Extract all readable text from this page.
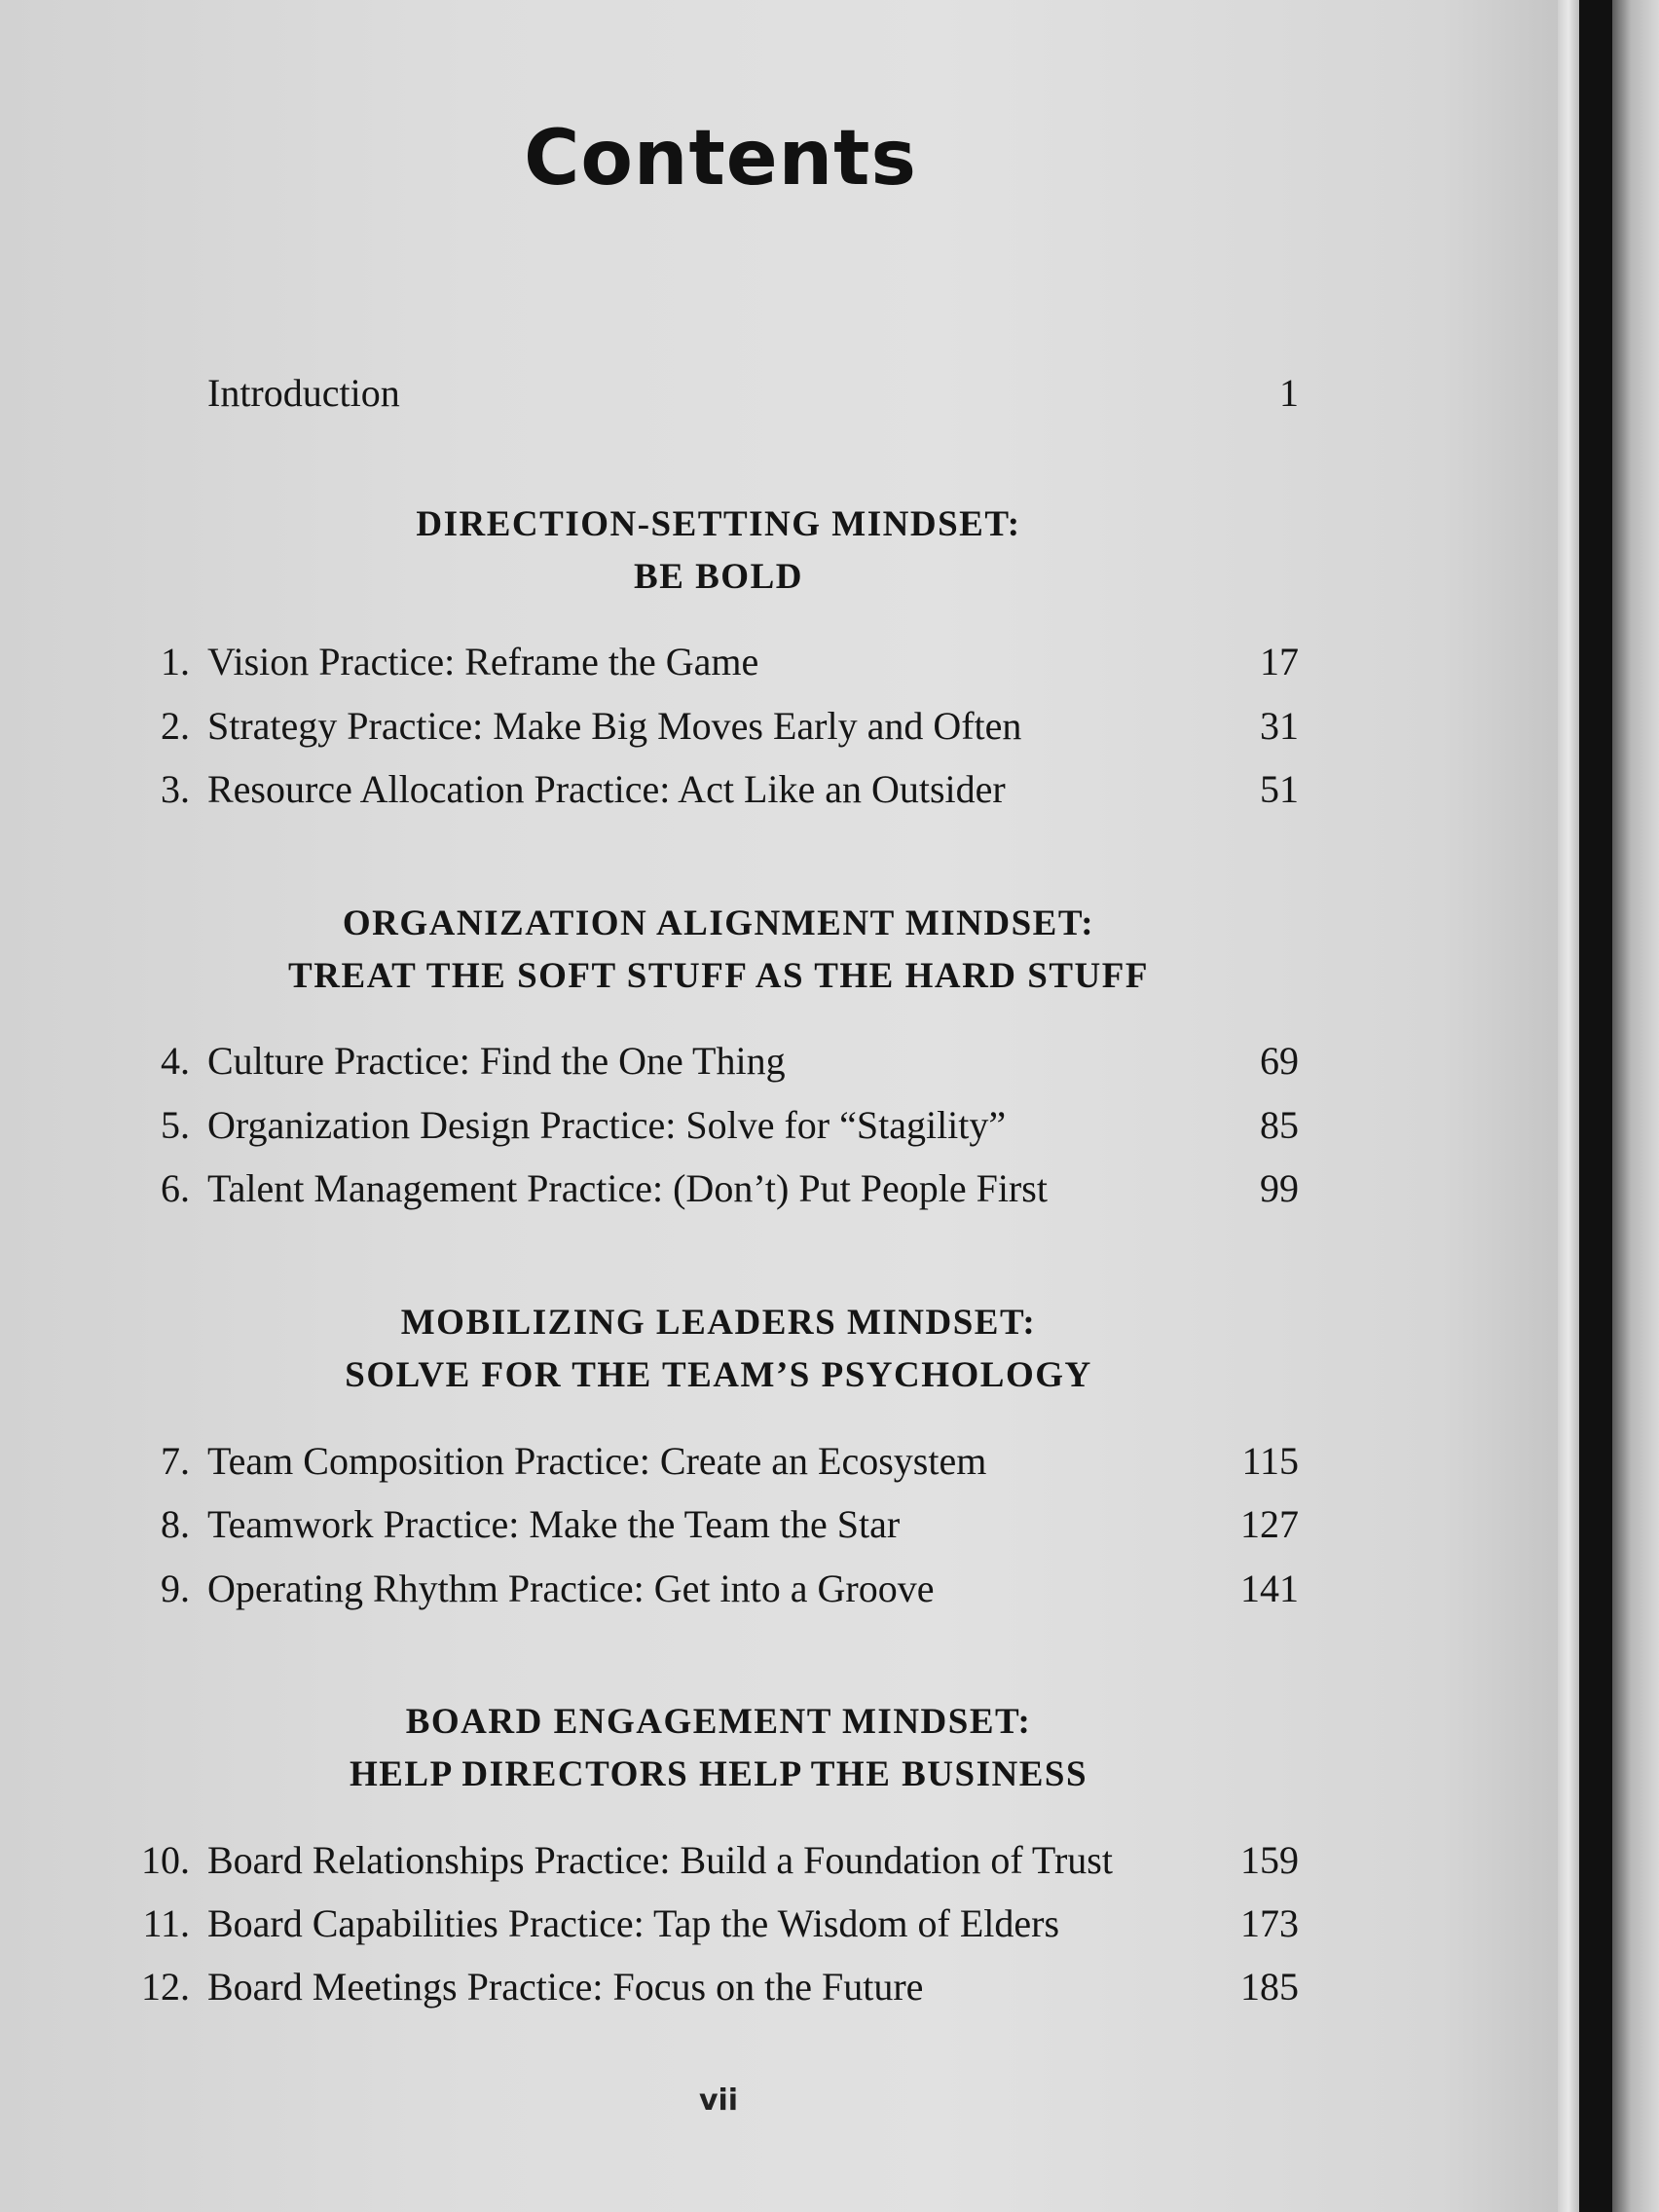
Contents
Introduction	1
DIRECTION-SETTING MINDSET:
BE BOLD
1. Vision Practice: Reframe the Game	17
2. Strategy Practice: Make Big Moves Early and Often	31
3. Resource Allocation Practice: Act Like an Outsider	51
ORGANIZATION ALIGNMENT MINDSET:
TREAT THE SOFT STUFF AS THE HARD STUFF
4. Culture Practice: Find the One Thing	69
5. Organization Design Practice: Solve for “Stagility”	85
6. Talent Management Practice: (Don’t) Put People First	99
MOBILIZING LEADERS MINDSET:
SOLVE FOR THE TEAM’S PSYCHOLOGY
7. Team Composition Practice: Create an Ecosystem	115
8. Teamwork Practice: Make the Team the Star	127
9. Operating Rhythm Practice: Get into a Groove	141
BOARD ENGAGEMENT MINDSET:
HELP DIRECTORS HELP THE BUSINESS
10. Board Relationships Practice: Build a Foundation of Trust	159
11. Board Capabilities Practice: Tap the Wisdom of Elders	173
12. Board Meetings Practice: Focus on the Future	185
vii
